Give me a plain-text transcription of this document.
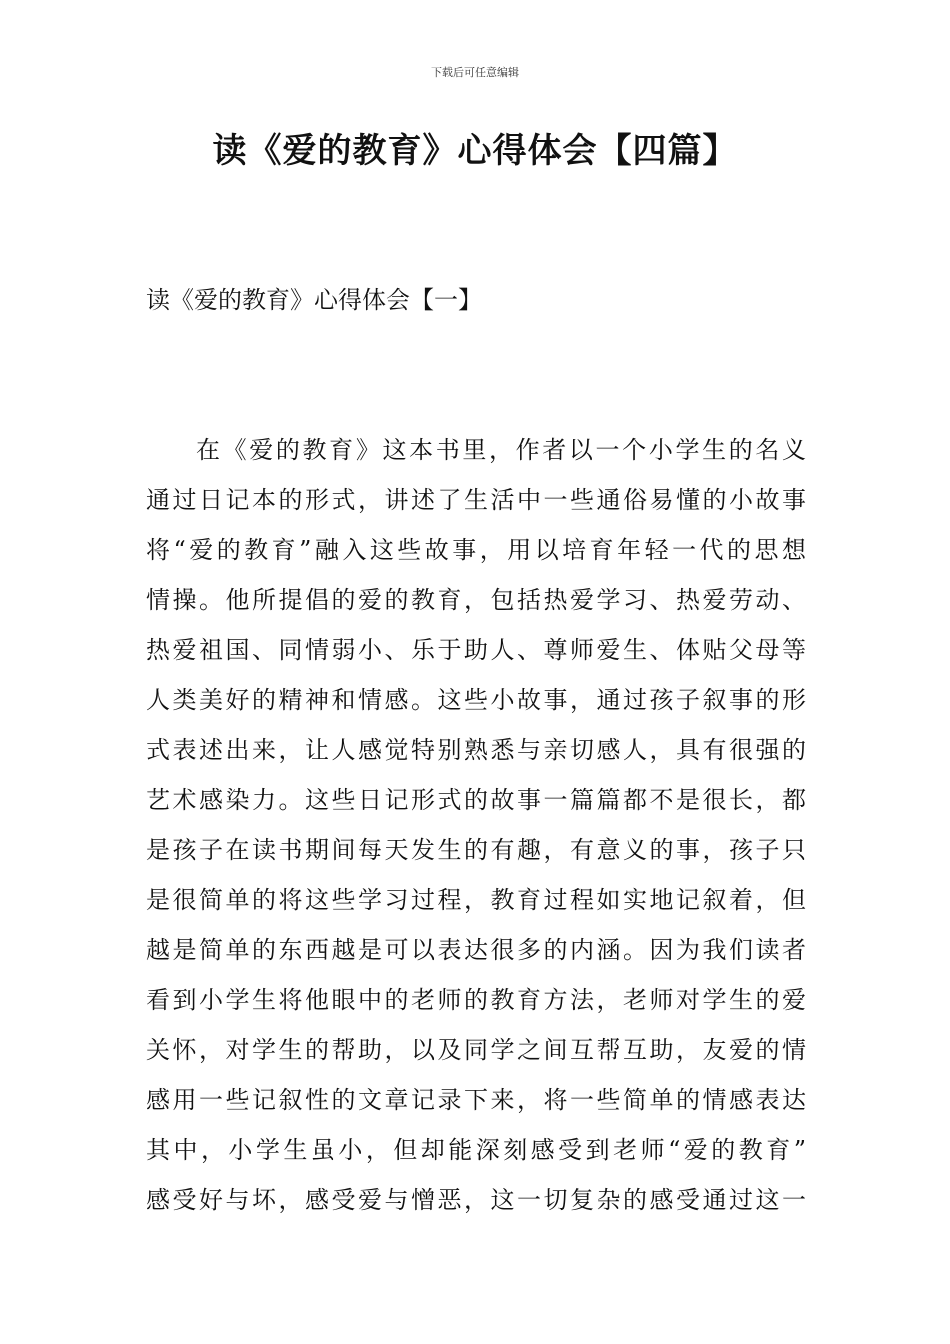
下载后可任意编辑
读《爱的教育》心得体会【四篇】
读《爱的教育》心得体会【一】
在《爱的教育》这本书里，作者以一个小学生的名义
通过日记本的形式，讲述了生活中一些通俗易懂的小故事
将“爱的教育”融入这些故事，用以培育年轻一代的思想
情操。他所提倡的爱的教育，包括热爱学习、热爱劳动、
热爱祖国、同情弱小、乐于助人、尊师爱生、体贴父母等
人类美好的精神和情感。这些小故事，通过孩子叙事的形
式表述出来，让人感觉特别熟悉与亲切感人，具有很强的
艺术感染力。这些日记形式的故事一篇篇都不是很长，都
是孩子在读书期间每天发生的有趣，有意义的事，孩子只
是很简单的将这些学习过程，教育过程如实地记叙着，但
越是简单的东西越是可以表达很多的内涵。因为我们读者
看到小学生将他眼中的老师的教育方法，老师对学生的爱
关怀，对学生的帮助，以及同学之间互帮互助，友爱的情
感用一些记叙性的文章记录下来，将一些简单的情感表达
其中，小学生虽小，但却能深刻感受到老师“爱的教育”
感受好与坏，感受爱与憎恶，这一切复杂的感受通过这一
